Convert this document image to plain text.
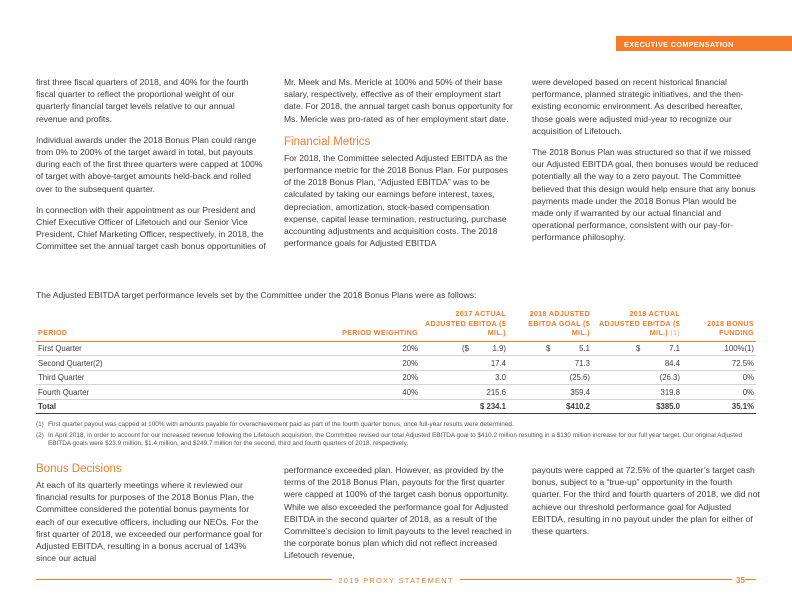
EXECUTIVE COMPENSATION

first three fiscal quarters of 2018, and 40% for the fourth fiscal quarter to reflect the proportional weight of our quarterly financial target levels relative to our annual revenue and profits.

Individual awards under the 2018 Bonus Plan could range from 0% to 200% of the target award in total, but payouts during each of the first three quarters were capped at 100% of target with above-target amounts held-back and rolled over to the subsequent quarter.

In connection with their appointment as our President and Chief Executive Officer of Lifetouch and our Senior Vice President, Chief Marketing Officer, respectively, in 2018, the Committee set the annual target cash bonus opportunities of

Mr. Meek and Ms. Mericle at 100% and 50% of their base salary, respectively, effective as of their employment start date. For 2018, the annual target cash bonus opportunity for Ms. Mericle was pro-rated as of her employment start date.

Financial Metrics

For 2018, the Committee selected Adjusted EBITDA as the performance metric for the 2018 Bonus Plan. For purposes of the 2018 Bonus Plan, “Adjusted EBITDA” was to be calculated by taking our earnings before interest, taxes, depreciation, amortization, stock-based compensation expense, capital lease termination, restructuring, purchase accounting adjustments and acquisition costs. The 2018 performance goals for Adjusted EBITDA

were developed based on recent historical financial performance, planned strategic initiatives, and the then-existing economic environment. As described hereafter, those goals were adjusted mid-year to recognize our acquisition of Lifetouch.

The 2018 Bonus Plan was structured so that if we missed our Adjusted EBITDA goal, then bonuses would be reduced potentially all the way to a zero payout. The Committee believed that this design would help ensure that any bonus payments made under the 2018 Bonus Plan would be made only if warranted by our actual financial and operational performance, consistent with our pay-for-performance philosophy.

The Adjusted EBITDA target performance levels set by the Committee under the 2018 Bonus Plans were as follows:

PERIOD	PERIOD WEIGHTING	2017 ACTUAL ADJUSTED EBITDA ($ MIL.)	2018 ADJUSTED EBITDA GOAL ($ MIL.)	2018 ACTUAL ADJUSTED EBITDA ($ MIL.) (1)	2018 BONUS FUNDING
First Quarter	20%	($ 1.9)	$ 5.1	$ 7.1	100%(1)
Second Quarter(2)	20%	17.4	71.3	84.4	72.5%
Third Quarter	20%	3.0	(25.6)	(26.3)	0%
Fourth Quarter	40%	215.6	359.4	319.8	0%
Total		$ 234.1	$410.2	$385.0	35.1%
(1) First quarter payout was capped at 100% with amounts payable for overachievement paid as part of the fourth quarter bonus, once full-year results were determined.
(2) In April 2018, in order to account for our increased revenue following the Lifetouch acquisition, the Committee revised our total Adjusted EBITDA goal to $410.2 million resulting in a $130 million increase for our full year target. Our original Adjusted EBITDA goals were $23.9 million, $1.4 million, and $249.7 million for the second, third and fourth quarters of 2018, respectively.
Bonus Decisions

At each of its quarterly meetings where it reviewed our financial results for purposes of the 2018 Bonus Plan, the Committee considered the potential bonus payments for each of our executive officers, including our NEOs. For the first quarter of 2018, we exceeded our performance goal for Adjusted EBITDA, resulting in a bonus accrual of 143% since our actual

performance exceeded plan. However, as provided by the terms of the 2018 Bonus Plan, payouts for the first quarter were capped at 100% of the target cash bonus opportunity. While we also exceeded the performance goal for Adjusted EBITDA in the second quarter of 2018, as a result of the Committee’s decision to limit payouts to the level reached in the corporate bonus plan which did not reflect increased Lifetouch revenue,

payouts were capped at 72.5% of the quarter’s target cash bonus, subject to a “true-up” opportunity in the fourth quarter. For the third and fourth quarters of 2018, we did not achieve our threshold performance goal for Adjusted EBITDA, resulting in no payout under the plan for either of these quarters.

2019 PROXY STATEMENT	35
